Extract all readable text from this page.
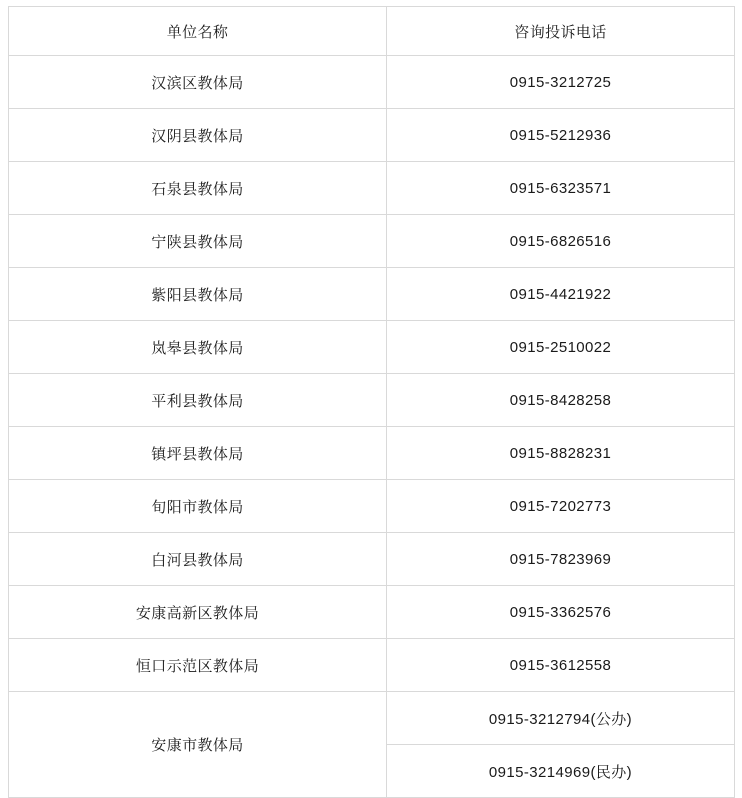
单位名称	咨询投诉电话
汉滨区教体局	0915-3212725
汉阴县教体局	0915-5212936
石泉县教体局	0915-6323571
宁陕县教体局	0915-6826516
紫阳县教体局	0915-4421922
岚皋县教体局	0915-2510022
平利县教体局	0915-8428258
镇坪县教体局	0915-8828231
旬阳市教体局	0915-7202773
白河县教体局	0915-7823969
安康高新区教体局	0915-3362576
恒口示范区教体局	0915-3612558
安康市教体局	0915-3212794(公办)
	0915-3214969(民办)
